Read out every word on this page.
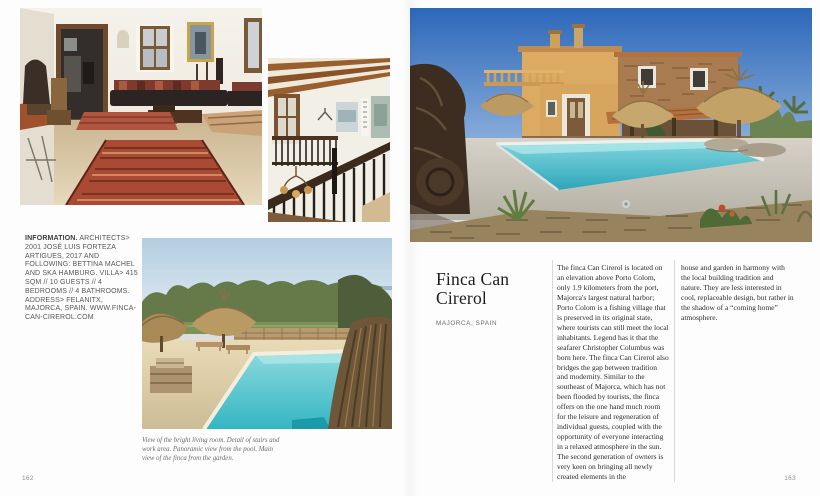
INFORMATION. ARCHITECTS> 2001 JOSÉ LUIS FORTEZA ARTIGUES, 2017 AND FOLLOWING: BETTINA MACHEL AND SKA HAMBURG. VILLA> 415 SQM // 10 GUESTS // 4 BEDROOMS // 4 BATHROOMS. ADDRESS> FELANITX, MAJORCA, SPAIN. WWW.FINCA-CAN-CIREROL.COM

View of the bright living room. Detail of stairs and work area. Panoramic view from the pool. Main view of the finca from the garden.

162
Finca Can
Cirerol
MAJORCA, SPAIN
The finca Can Cirerol is located on an elevation above Porto Colom, only 1.9 kilometers from the port, Majorca's largest natural harbor; Porto Colom is a fishing village that is preserved in its original state, where tourists can still meet the local inhabitants. Legend has it that the seafarer Christopher Columbus was born here. The finca Can Cirerol also bridges the gap between tradition and modernity. Similar to the southeast of Majorca, which has not been flooded by tourists, the finca offers on the one hand much room for the leisure and regeneration of individual guests, coupled with the opportunity of everyone interacting in a relaxed atmosphere in the sun. The second generation of owners is very keen on bringing all newly created elements in the
house and garden in harmony with the local building tradition and nature. They are less interested in cool, replaceable design, but rather in the shadow of a “coming home” atmosphere.
163
